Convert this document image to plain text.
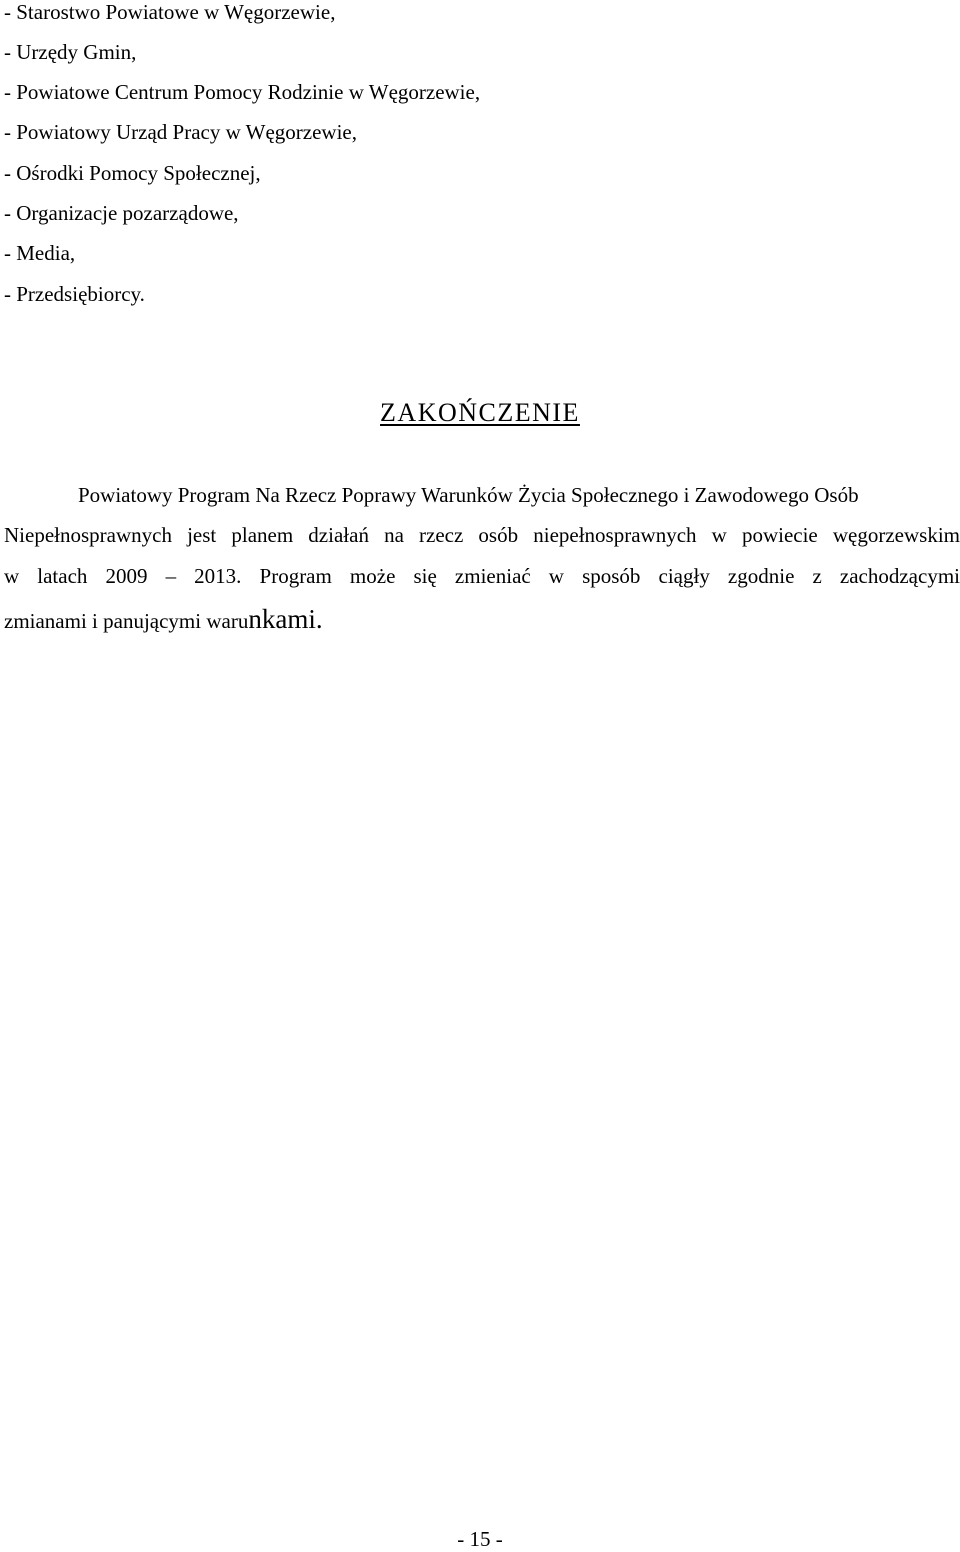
- Starostwo Powiatowe w Węgorzewie,
- Urzędy Gmin,
- Powiatowe Centrum Pomocy Rodzinie w Węgorzewie,
- Powiatowy Urząd Pracy w Węgorzewie,
- Ośrodki Pomocy Społecznej,
- Organizacje pozarządowe,
- Media,
- Przedsiębiorcy.
ZAKOŃCZENIE
Powiatowy Program Na Rzecz Poprawy Warunków Życia Społecznego i Zawodowego Osób
Niepełnosprawnych jest planem działań na rzecz osób niepełnosprawnych w powiecie węgorzewskim
w latach 2009 – 2013. Program może się zmieniać w sposób ciągły zgodnie z zachodzącymi
zmianami i panującymi warunkami.
- 15 -
